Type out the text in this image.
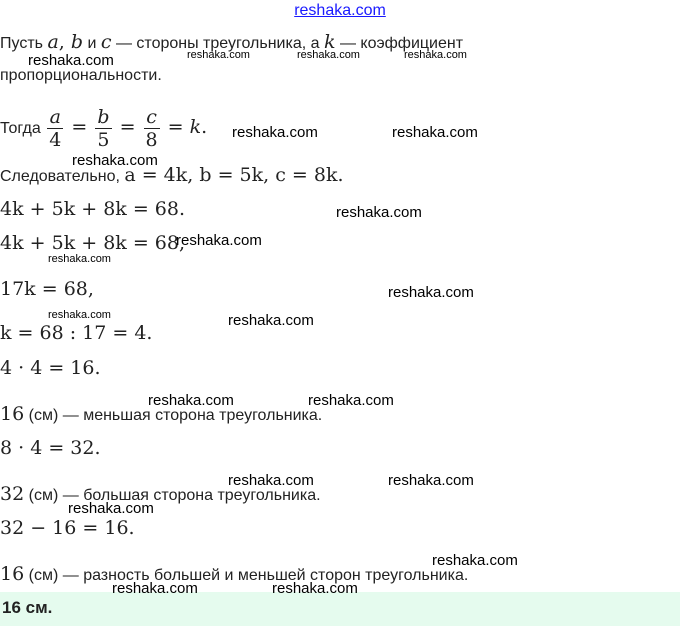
reshaka.com
Пусть a, b и c — стороны треугольника, а k — коэффициент
пропорциональности.
Тогда $\frac{a}{4} = \frac{b}{5} = \frac{c}{8} = k$.
Следовательно, a = 4k, b = 5k, c = 8k.
4k + 5k + 8k = 68.
4k + 5k + 8k = 68,
17k = 68,
k = 68 : 17 = 4.
4 · 4 = 16.
16 (см) — меньшая сторона треугольника.
8 · 4 = 32.
32 (см) — большая сторона треугольника.
32 − 16 = 16.
16 (см) — разность большей и меньшей сторон треугольника.
16 см.
reshaka.com	reshaka.com	reshaka.com
reshaka.com
reshaka.com	reshaka.com
reshaka.com
reshaka.com
reshaka.com
reshaka.com
reshaka.com
reshaka.com	reshaka.com
reshaka.com	reshaka.com
reshaka.com	reshaka.com
reshaka.com
reshaka.com
reshaka.com	reshaka.com
